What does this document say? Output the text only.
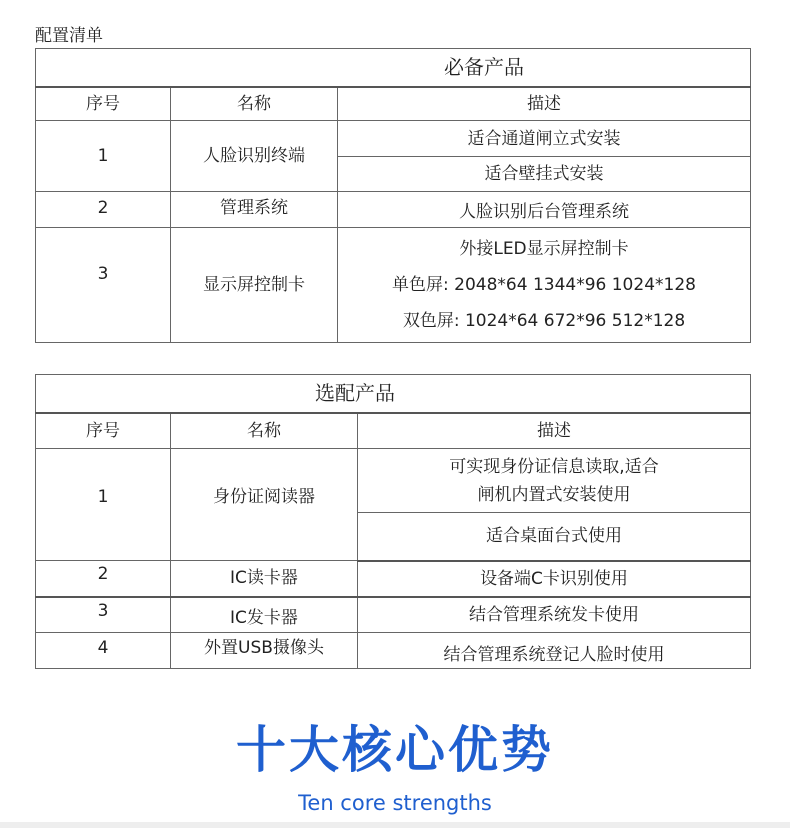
配置清单
必备产品		
序号	名称	描述
1	人脸识别终端	适合通道闸立式安装
		适合壁挂式安装
2	管理系统	人脸识别后台管理系统
3	显示屏控制卡	外接LED显示屏控制卡
单色屏: 2048*64 1344*96 1024*128
双色屏: 1024*64 672*96 512*128
选配产品		
序号	名称	描述
1	身份证阅读器	可实现身份证信息读取,适合
闸机内置式安装使用

		适合桌面台式使用
2	IC读卡器	设备端C卡识别使用
3	IC发卡器	结合管理系统发卡使用
4	外置USB摄像头	结合管理系统登记人脸时使用
十大核心优势
Ten core strengths
